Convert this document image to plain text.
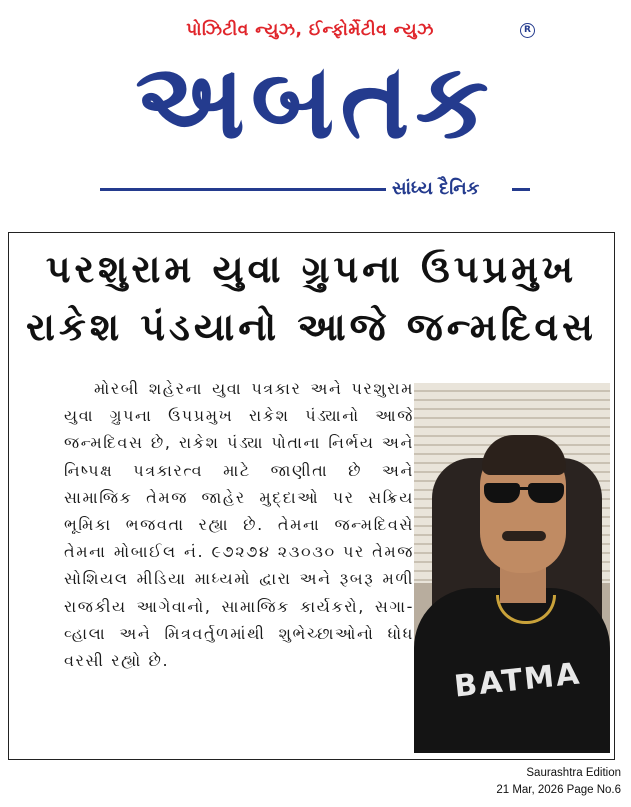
પોઝિટીવ ન્યુઝ, ઈન્ફોર્મેટીવ ન્યુઝ	R
અબતક
સાંધ્ય દૈનિક
પરશુરામ યુવા ગ્રુપના ઉપપ્રમુખ
રાકેશ પંડયાનો આજે જન્મદિવસ
મોરબી શહેરના યુવા પત્રકાર અને પરશુરામ યુવા ગ્રુપના ઉપપ્રમુખ રાકેશ પંડ્યાનો આજે જન્મદિવસ છે, રાકેશ પંડ્યા પોતાના નિર્ભય અને નિષ્પક્ષ પત્રકારત્વ માટે જાણીતા છે અને સામાજિક તેમજ જાહેર મુદ્દાઓ પર સક્રિય ભૂમિકા ભજવતા રહ્યા છે. તેમના જન્મદિવસે તેમના મોબાઈલ નં. ૯૭૨૭૪ ૨૩૦૩૦ પર તેમજ સોશિયલ મીડિયા માધ્યમો દ્વારા અને રૂબરૂ મળી રાજકીય આગેવાનો, સામાજિક કાર્યકરો, સગા-વ્હાલા અને મિત્રવર્તુળમાંથી શુભેચ્છાઓનો ધોધ વરસી રહ્યો છે.	BATMA
Saurashtra Edition
21 Mar, 2026 Page No.6
